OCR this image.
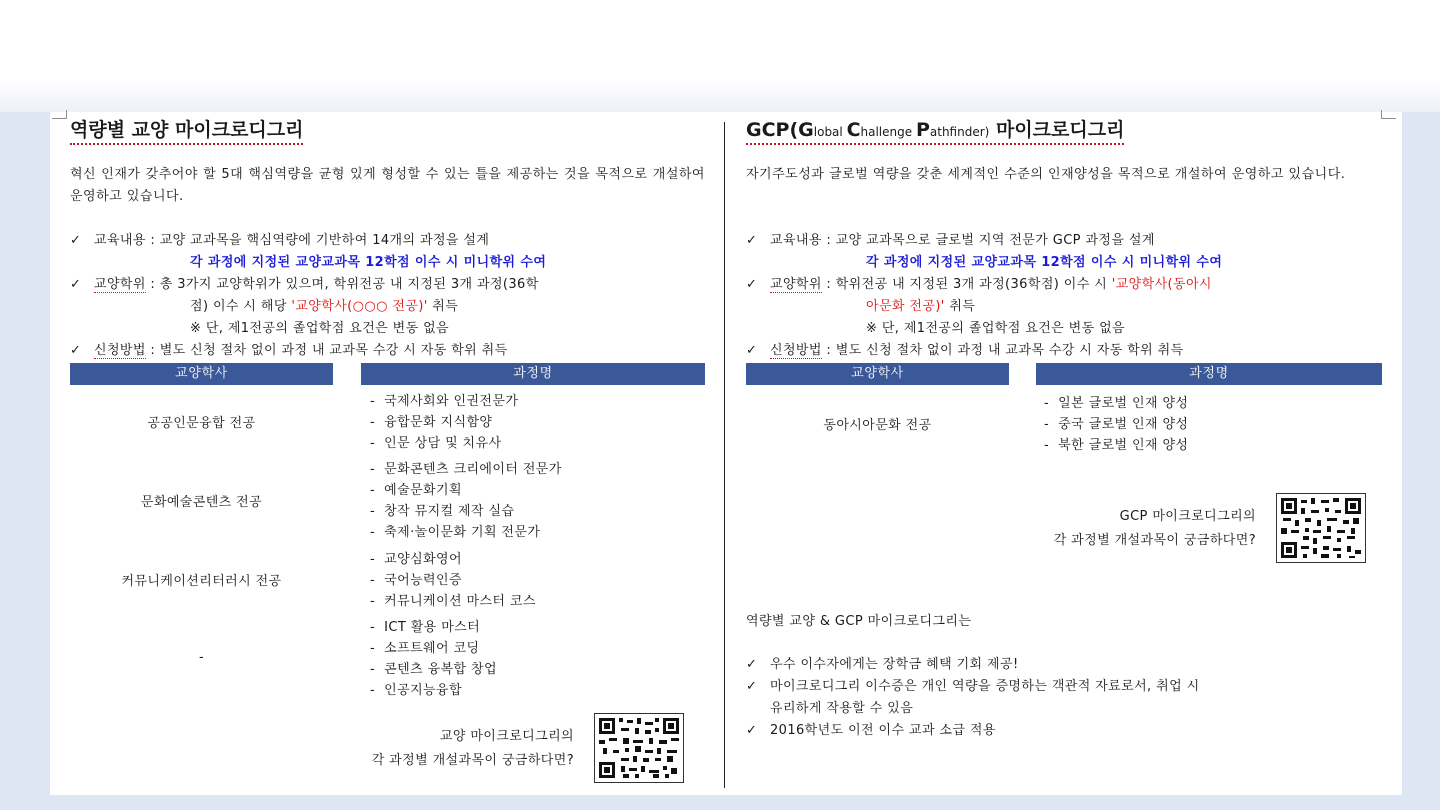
역량별 교양 마이크로디그리
혁신 인재가 갖추어야 할 5대 핵심역량을 균형 있게 형성할 수 있는 틀을 제공하는 것을 목적으로 개설하여 운영하고 있습니다.
✓ 교육내용 : 교양 교과목을 핵심역량에 기반하여 14개의 과정을 설계
각 과정에 지정된 교양교과목 12학점 이수 시 미니학위 수여
✓ 교양학위 : 총 3가지 교양학위가 있으며, 학위전공 내 지정된 3개 과정(36학
점) 이수 시 해당 '교양학사(○○○ 전공)' 취득
※ 단, 제1전공의 졸업학점 요건은 변동 없음
✓ 신청방법 : 별도 신청 절차 없이 과정 내 교과목 수강 시 자동 학위 취득
교양학사	과정명
공공인문융합 전공
- 국제사회와 인권전문가
- 융합문화 지식함양
- 인문 상담 및 치유사
문화예술콘텐츠 전공
- 문화콘텐츠 크리에이터 전문가
- 예술문화기획
- 창작 뮤지컬 제작 실습
- 축제·놀이문화 기획 전문가
커뮤니케이션리터러시 전공
- 교양심화영어
- 국어능력인증
- 커뮤니케이션 마스터 코스
-
- ICT 활용 마스터
- 소프트웨어 코딩
- 콘텐츠 융복합 창업
- 인공지능융합
교양 마이크로디그리의
각 과정별 개설과목이 궁금하다면?
GCP(Global Challenge Pathfinder) 마이크로디그리
자기주도성과 글로벌 역량을 갖춘 세계적인 수준의 인재양성을 목적으로 개설하여 운영하고 있습니다.
✓ 교육내용 : 교양 교과목으로 글로벌 지역 전문가 GCP 과정을 설계
각 과정에 지정된 교양교과목 12학점 이수 시 미니학위 수여
✓ 교양학위 : 학위전공 내 지정된 3개 과정(36학점) 이수 시 '교양학사(동아시
아문화 전공)' 취득
※ 단, 제1전공의 졸업학점 요건은 변동 없음
✓ 신청방법 : 별도 신청 절차 없이 과정 내 교과목 수강 시 자동 학위 취득
교양학사	과정명
동아시아문화 전공
- 일본 글로벌 인재 양성
- 중국 글로벌 인재 양성
- 북한 글로벌 인재 양성
GCP 마이크로디그리의
각 과정별 개설과목이 궁금하다면?
역량별 교양 & GCP 마이크로디그리는
✓ 우수 이수자에게는 장학금 혜택 기회 제공!
✓ 마이크로디그리 이수증은 개인 역량을 증명하는 객관적 자료로서, 취업 시
유리하게 작용할 수 있음
✓ 2016학년도 이전 이수 교과 소급 적용
